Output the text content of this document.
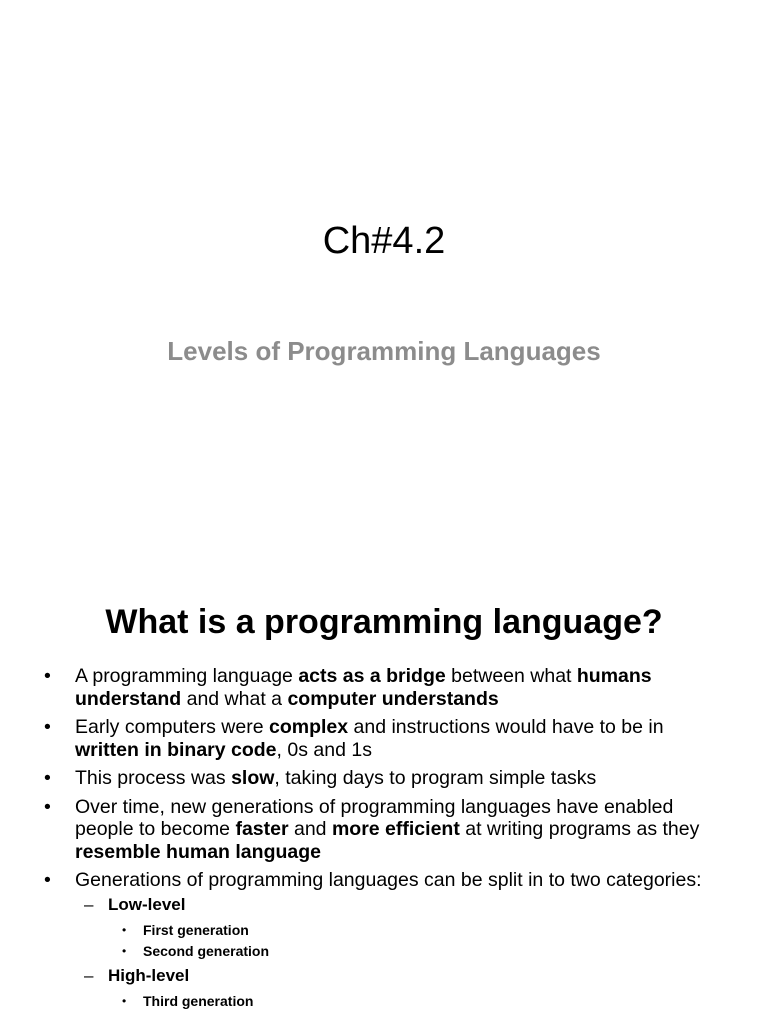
Ch#4.2
Levels of Programming Languages
What is a programming language?
• A programming language acts as a bridge between what humans understand and what a computer understands
• Early computers were complex and instructions would have to be in written in binary code, 0s and 1s
• This process was slow, taking days to program simple tasks
• Over time, new generations of programming languages have enabled people to become faster and more efficient at writing programs as they resemble human language
• Generations of programming languages can be split in to two categories:
– Low-level
• First generation
• Second generation
– High-level
• Third generation
